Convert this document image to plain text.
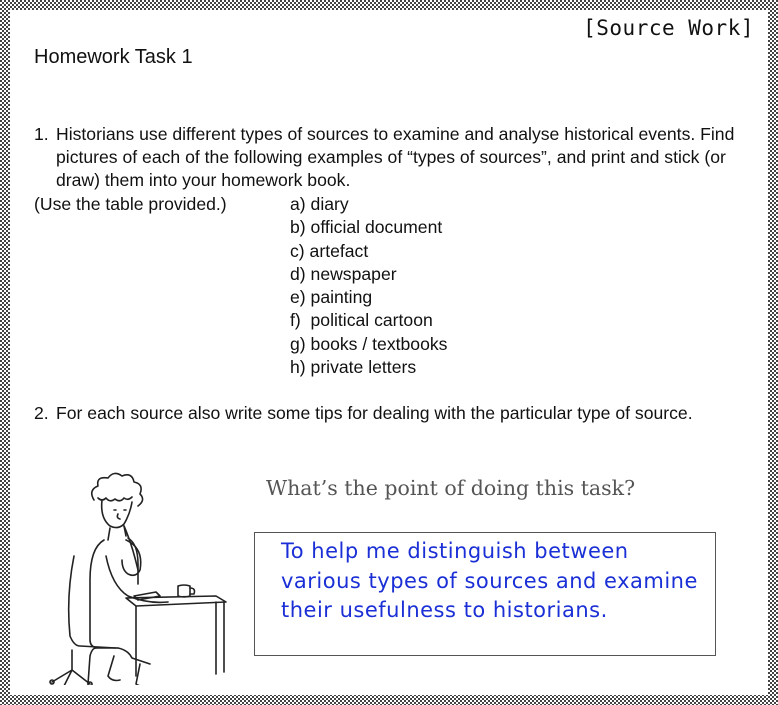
[Source Work]
Homework Task 1
1. Historians use different types of sources to examine and analyse historical events. Find pictures of each of the following examples of “types of sources”, and print and stick (or draw) them into your homework book.
(Use the table provided.)	a) diary
b) official document
c) artefact
d) newspaper
e) painting
f)  political cartoon
g) books / textbooks
h) private letters
2. For each source also write some tips for dealing with the particular type of source.
What’s the point of doing this task?
To help me distinguish between various types of sources and examine their usefulness to historians.
